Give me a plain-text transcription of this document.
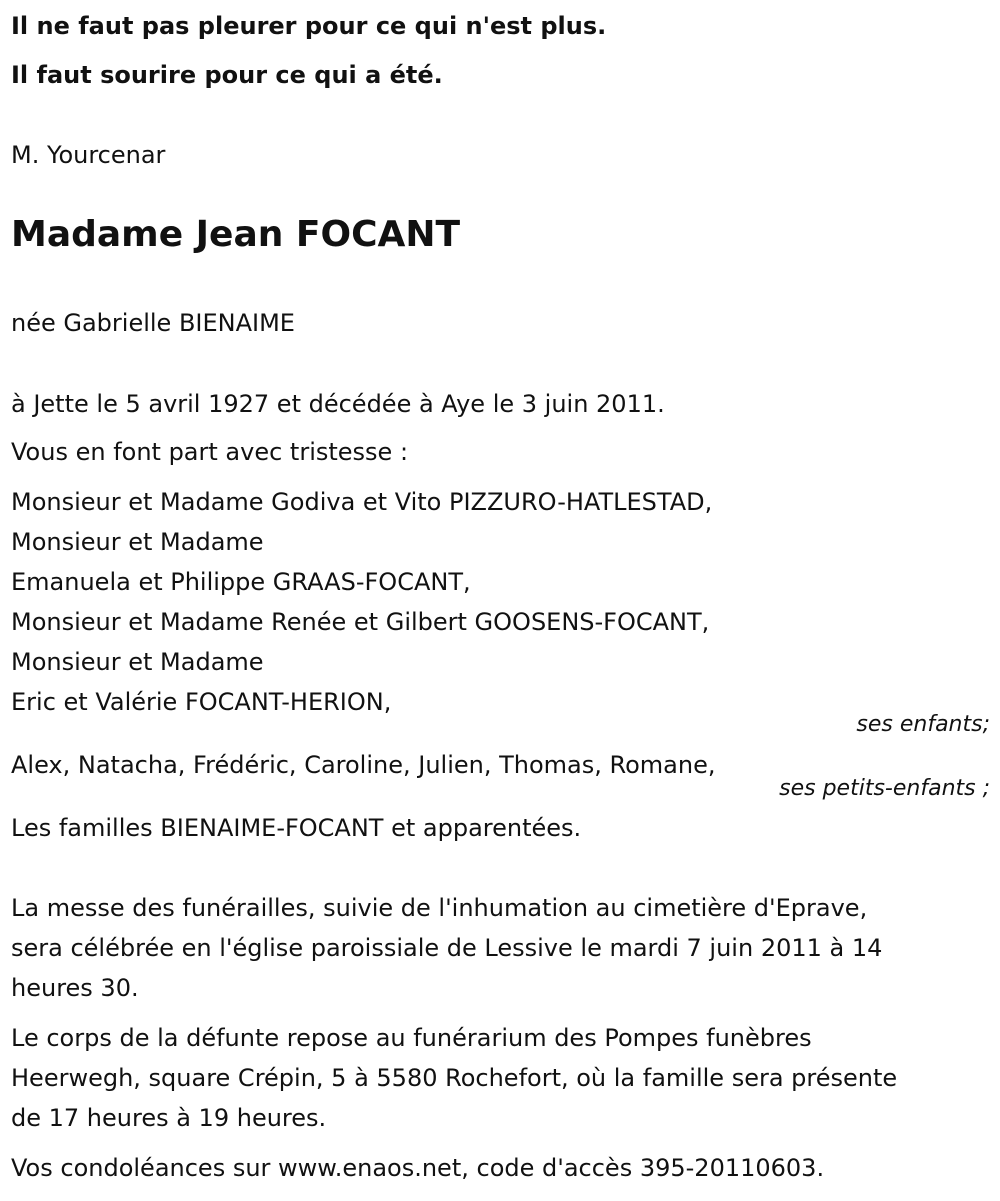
Il ne faut pas pleurer pour ce qui n'est plus.
Il faut sourire pour ce qui a été.
M. Yourcenar
Madame Jean FOCANT
née Gabrielle BIENAIME
à Jette le 5 avril 1927 et décédée à Aye le 3 juin 2011.
Vous en font part avec tristesse :
Monsieur et Madame Godiva et Vito PIZZURO-HATLESTAD,
Monsieur et Madame
Emanuela et Philippe GRAAS-FOCANT,
Monsieur et Madame Renée et Gilbert GOOSENS-FOCANT,
Monsieur et Madame
Eric et Valérie FOCANT-HERION,
ses enfants;
Alex, Natacha, Frédéric, Caroline, Julien, Thomas, Romane,
ses petits-enfants ;
Les familles BIENAIME-FOCANT et apparentées.
La messe des funérailles, suivie de l'inhumation au cimetière d'Eprave,
sera célébrée en l'église paroissiale de Lessive le mardi 7 juin 2011 à 14
heures 30.
Le corps de la défunte repose au funérarium des Pompes funèbres
Heerwegh, square Crépin, 5 à 5580 Rochefort, où la famille sera présente
de 17 heures à 19 heures.
Vos condoléances sur www.enaos.net, code d'accès 395-20110603.
